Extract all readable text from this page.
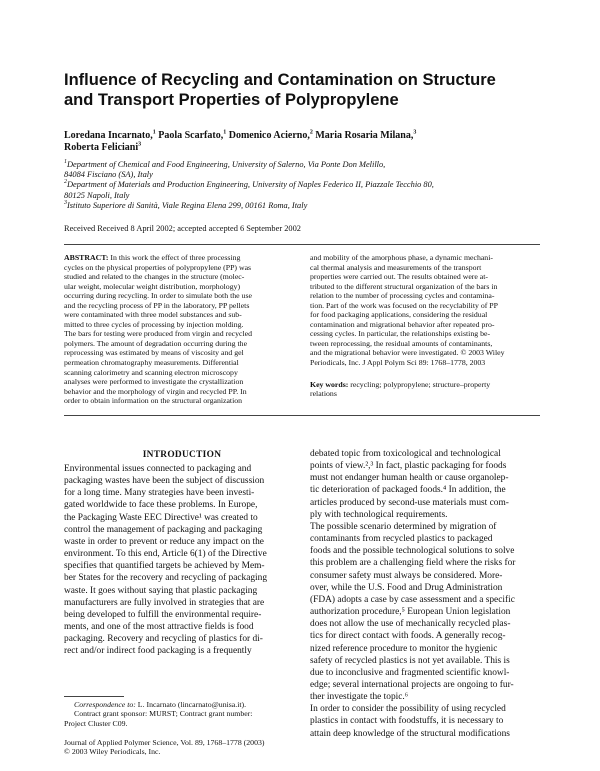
Influence of Recycling and Contamination on Structure
and Transport Properties of Polypropylene
Loredana Incarnato,$^1$ Paola Scarfato,$^1$ Domenico Acierno,$^2$ Maria Rosaria Milana,$^3$
Roberta Feliciani$^3$
$^1$Department of Chemical and Food Engineering, University of Salerno, Via Ponte Don Melillo,
84084 Fisciano (SA), Italy
$^2$Department of Materials and Production Engineering, University of Naples Federico II, Piazzale Tecchio 80,
80125 Napoli, Italy
$^3$Istituto Superiore di Sanità, Viale Regina Elena 299, 00161 Roma, Italy
Received Received 8 April 2002; accepted accepted 6 September 2002
ABSTRACT: In this work the effect of three processing
cycles on the physical properties of polypropylene (PP) was
studied and related to the changes in the structure (molec-
ular weight, molecular weight distribution, morphology)
occurring during recycling. In order to simulate both the use
and the recycling process of PP in the laboratory, PP pellets
were contaminated with three model substances and sub-
mitted to three cycles of processing by injection molding.
The bars for testing were produced from virgin and recycled
polymers. The amount of degradation occurring during the
reprocessing was estimated by means of viscosity and gel
permeation chromatography measurements. Differential
scanning calorimetry and scanning electron microscopy
analyses were performed to investigate the crystallization
behavior and the morphology of virgin and recycled PP. In
order to obtain information on the structural organization
and mobility of the amorphous phase, a dynamic mechani-
cal thermal analysis and measurements of the transport
properties were carried out. The results obtained were at-
tributed to the different structural organization of the bars in
relation to the number of processing cycles and contamina-
tion. Part of the work was focused on the recyclability of PP
for food packaging applications, considering the residual
contamination and migrational behavior after repeated pro-
cessing cycles. In particular, the relationships existing be-
tween reprocessing, the residual amounts of contaminants,
and the migrational behavior were investigated. © 2003 Wiley
Periodicals, Inc. J Appl Polym Sci 89: 1768–1778, 2003
Key words: recycling; polypropylene; structure–property
relations
INTRODUCTION
Environmental issues connected to packaging and
packaging wastes have been the subject of discussion
for a long time. Many strategies have been investi-
gated worldwide to face these problems. In Europe,
the Packaging Waste EEC Directive¹ was created to
control the management of packaging and packaging
waste in order to prevent or reduce any impact on the
environment. To this end, Article 6(1) of the Directive
specifies that quantified targets be achieved by Mem-
ber States for the recovery and recycling of packaging
waste. It goes without saying that plastic packaging
manufacturers are fully involved in strategies that are
being developed to fulfill the environmental require-
ments, and one of the most attractive fields is food
packaging. Recovery and recycling of plastics for di-
rect and/or indirect food packaging is a frequently
debated topic from toxicological and technological
points of view.²,³ In fact, plastic packaging for foods
must not endanger human health or cause organolep-
tic deterioration of packaged foods.⁴ In addition, the
articles produced by second-use materials must com-
ply with technological requirements.
The possible scenario determined by migration of
contaminants from recycled plastics to packaged
foods and the possible technological solutions to solve
this problem are a challenging field where the risks for
consumer safety must always be considered. More-
over, while the U.S. Food and Drug Administration
(FDA) adopts a case by case assessment and a specific
authorization procedure,⁵ European Union legislation
does not allow the use of mechanically recycled plas-
tics for direct contact with foods. A generally recog-
nized reference procedure to monitor the hygienic
safety of recycled plastics is not yet available. This is
due to inconclusive and fragmented scientific knowl-
edge; several international projects are ongoing to fur-
ther investigate the topic.⁶
In order to consider the possibility of using recycled
plastics in contact with foodstuffs, it is necessary to
attain deep knowledge of the structural modifications
Correspondence to: L. Incarnato (lincarnato@unisa.it).
Contract grant sponsor: MURST; Contract grant number:
Project Cluster C09.
Journal of Applied Polymer Science, Vol. 89, 1768–1778 (2003)
© 2003 Wiley Periodicals, Inc.
